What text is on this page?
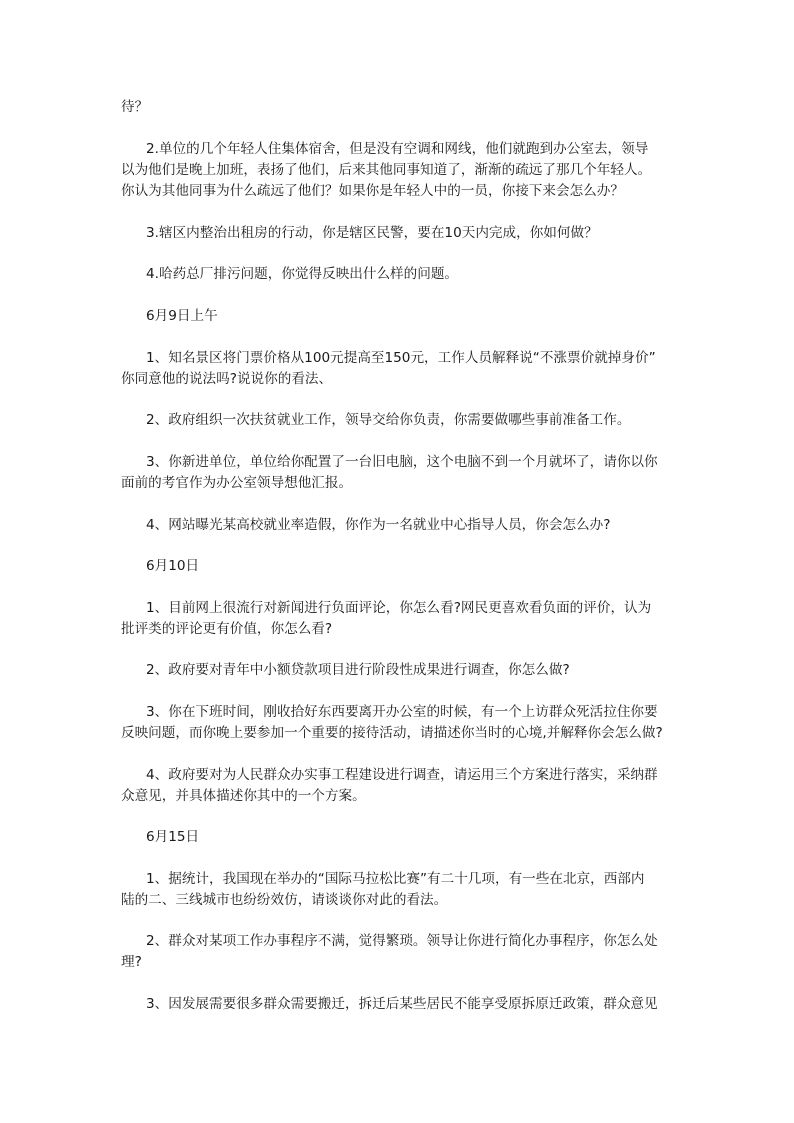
待？
2.单位的几个年轻人住集体宿舍，但是没有空调和网线，他们就跑到办公室去，领导
以为他们是晚上加班，表扬了他们，后来其他同事知道了，渐渐的疏远了那几个年轻人。
你认为其他同事为什么疏远了他们？如果你是年轻人中的一员，你接下来会怎么办？
3.辖区内整治出租房的行动，你是辖区民警，要在10天内完成，你如何做？
4.哈药总厂排污问题，你觉得反映出什么样的问题。
6月9日上午
1、知名景区将门票价格从100元提高至150元，工作人员解释说“不涨票价就掉身价”
你同意他的说法吗?说说你的看法、
2、政府组织一次扶贫就业工作，领导交给你负责，你需要做哪些事前准备工作。
3、你新进单位，单位给你配置了一台旧电脑，这个电脑不到一个月就坏了，请你以你
面前的考官作为办公室领导想他汇报。
4、网站曝光某高校就业率造假，你作为一名就业中心指导人员，你会怎么办?
6月10日
1、目前网上很流行对新闻进行负面评论，你怎么看?网民更喜欢看负面的评价，认为
批评类的评论更有价值，你怎么看?
2、政府要对青年中小额贷款项目进行阶段性成果进行调查，你怎么做?
3、你在下班时间，刚收拾好东西要离开办公室的时候，有一个上访群众死活拉住你要
反映问题，而你晚上要参加一个重要的接待活动，请描述你当时的心境,并解释你会怎么做?
4、政府要对为人民群众办实事工程建设进行调查，请运用三个方案进行落实，采纳群
众意见，并具体描述你其中的一个方案。
6月15日
1、据统计，我国现在举办的“国际马拉松比赛”有二十几项，有一些在北京，西部内
陆的二、三线城市也纷纷效仿，请谈谈你对此的看法。
2、群众对某项工作办事程序不满，觉得繁琐。领导让你进行简化办事程序，你怎么处
理?
3、因发展需要很多群众需要搬迁，拆迁后某些居民不能享受原拆原迁政策，群众意见
